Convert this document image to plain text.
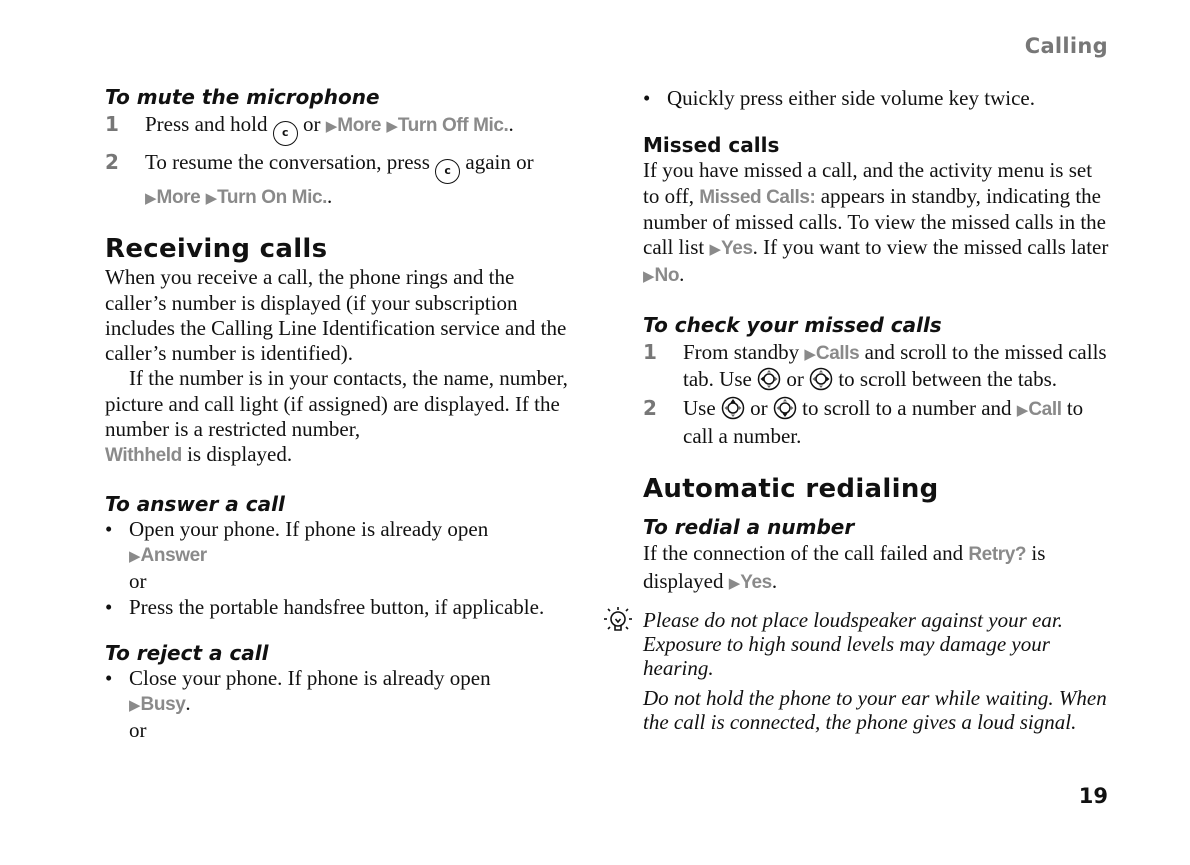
Calling
To mute the microphone
1	Press and hold c or ▶More ▶Turn Off Mic..
2	To resume the conversation, press c again or
▶More ▶Turn On Mic..
Receiving calls
When you receive a call, the phone rings and the caller’s number is displayed (if your subscription includes the Calling Line Identification service and the caller’s number is identified).
If the number is in your contacts, the name, number, picture and call light (if assigned) are displayed. If the number is a restricted number,
Withheld is displayed.
To answer a call
• Open your phone. If phone is already open
▶Answer
or
• Press the portable handsfree button, if applicable.
To reject a call
• Close your phone. If phone is already open
▶Busy.
or
• Quickly press either side volume key twice.
Missed calls
If you have missed a call, and the activity menu is set to off, Missed Calls: appears in standby, indicating the number of missed calls. To view the missed calls in the call list ▶Yes. If you want to view the missed calls later ▶No.
To check your missed calls
1	From standby ▶Calls and scroll to the missed calls tab. Use or to scroll between the tabs.
2	Use or to scroll to a number and ▶Call to call a number.
Automatic redialing
To redial a number
If the connection of the call failed and Retry? is displayed ▶Yes.
Please do not place loudspeaker against your ear. Exposure to high sound levels may damage your hearing.
Do not hold the phone to your ear while waiting. When the call is connected, the phone gives a loud signal.
19
